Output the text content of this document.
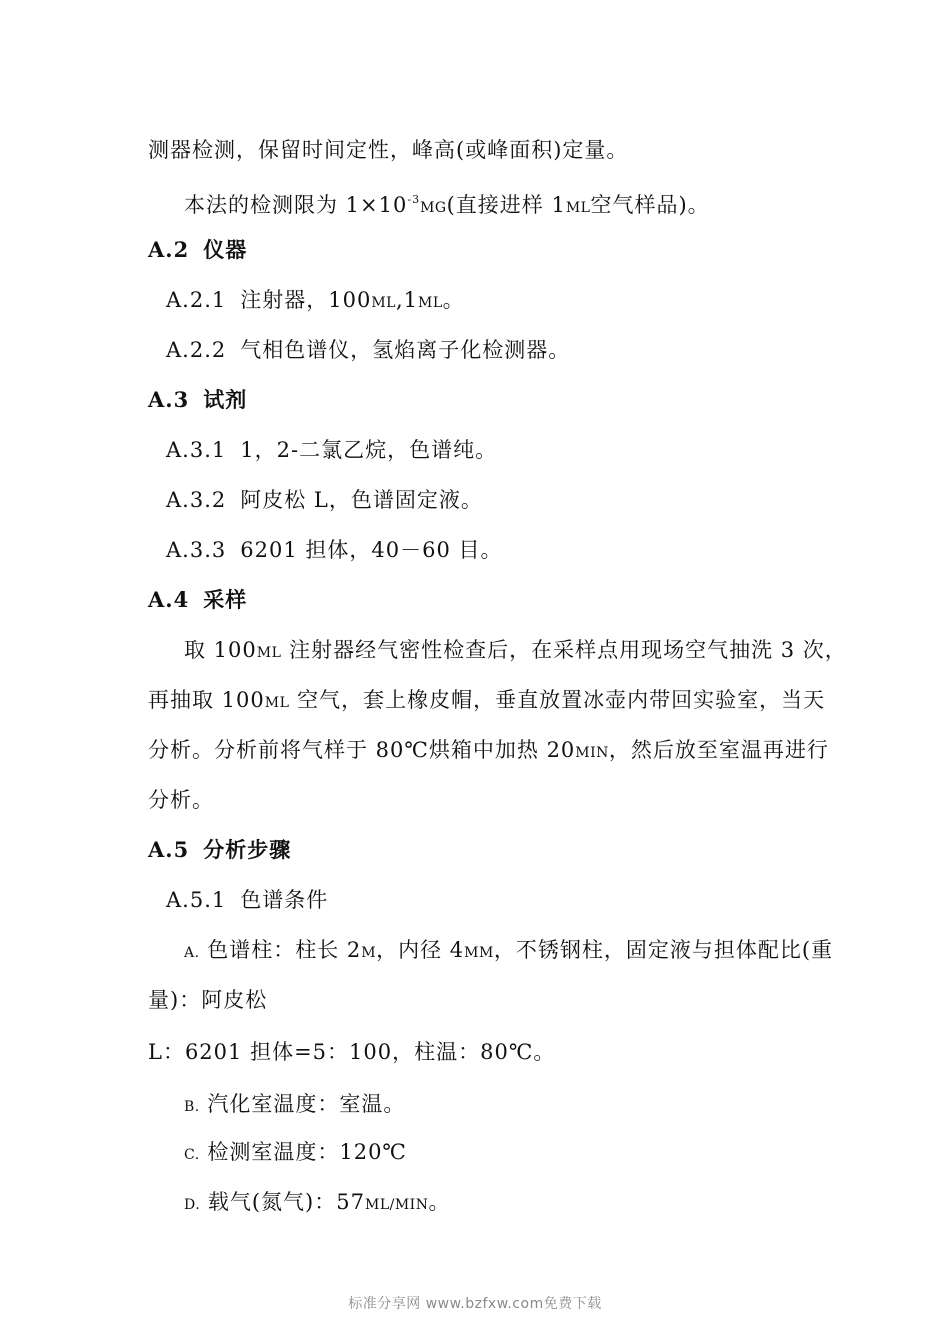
测器检测，保留时间定性，峰高(或峰面积)定量。
本法的检测限为 $1\times 10^{-3}MG$(直接进样 1ML空气样品)。
A.2 仪器
A.2.1 注射器，100ML,1ML。
A.2.2 气相色谱仪，氢焰离子化检测器。
A.3 试剂
A.3.1 1，2-二氯乙烷，色谱纯。
A.3.2 阿皮松 L，色谱固定液。
A.3.3 6201 担体，40－60 目。
A.4 采样
取 100ML 注射器经气密性检查后，在采样点用现场空气抽洗 3 次，
再抽取 100ML 空气，套上橡皮帽，垂直放置冰壶内带回实验室，当天
分析。分析前将气样于 80℃烘箱中加热 20MIN，然后放至室温再进行
分析。
A.5 分析步骤
A.5.1 色谱条件
A. 色谱柱：柱长 2M，内径 4MM，不锈钢柱，固定液与担体配比(重
量)：阿皮松
L：6201 担体=5：100，柱温：80℃。
B. 汽化室温度：室温。
C. 检测室温度：120℃
D. 载气(氮气)：57ML/MIN。
标准分享网 www.bzfxw.com免费下载
